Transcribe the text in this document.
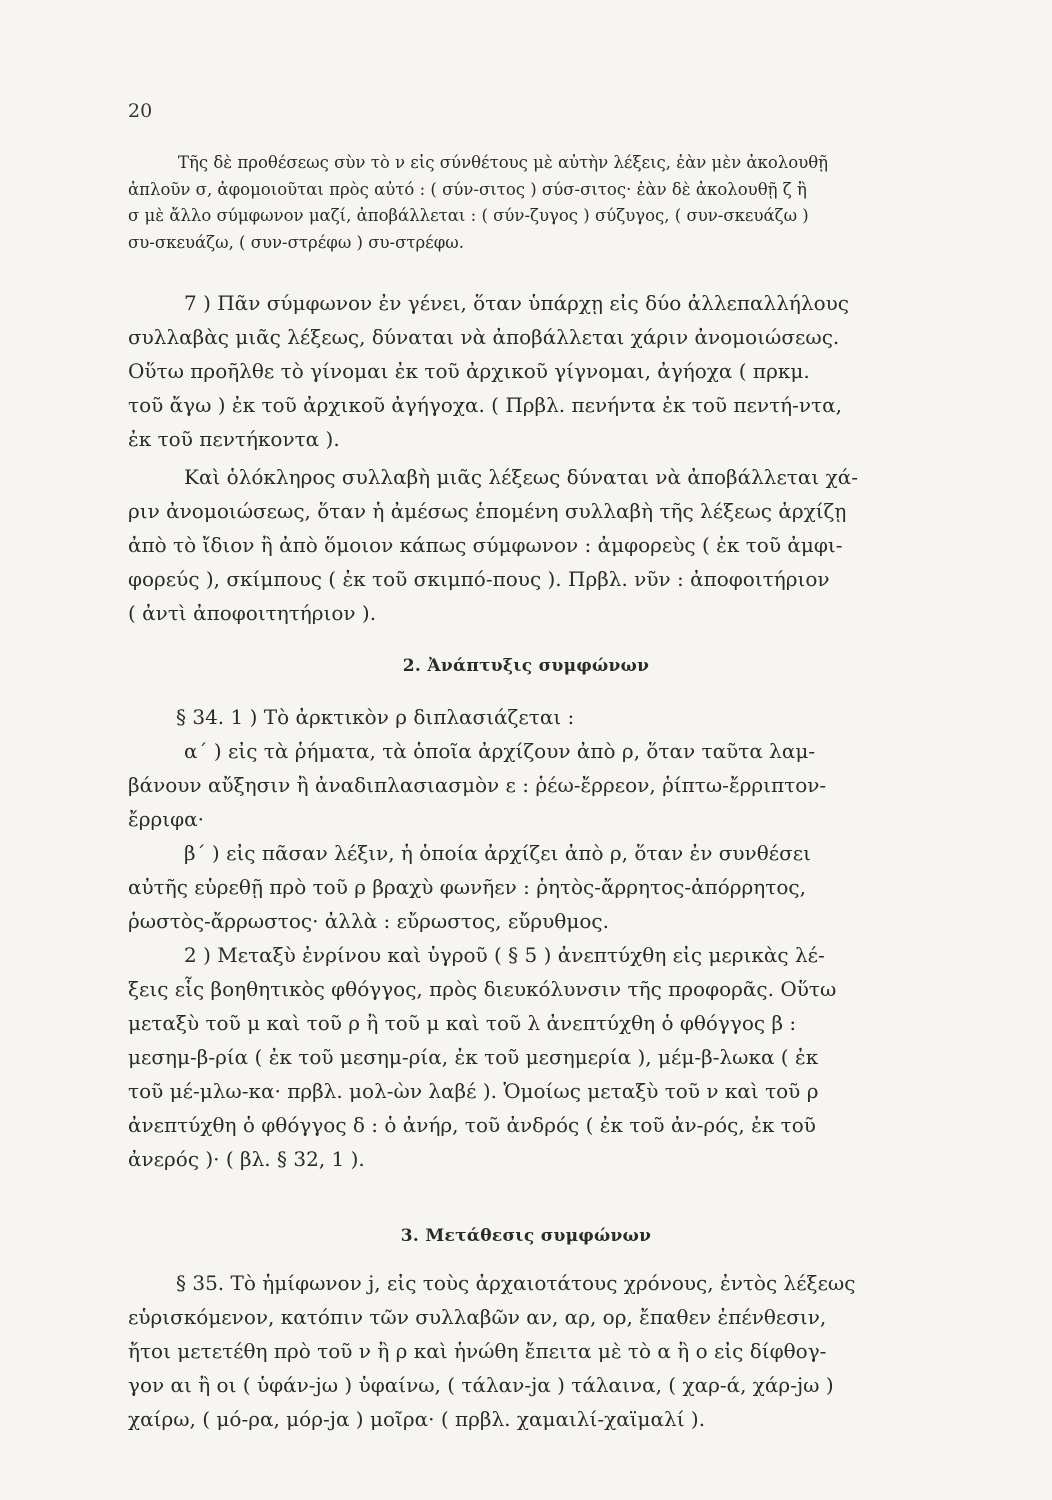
20
Τῆς δὲ προθέσεως σὺν τὸ ν εἰς σύνθέτους μὲ αὐτὴν λέξεις, ἐὰν μὲν ἀκολουθῇ
ἁπλοῦν σ, ἀφομοιοῦται πρὸς αὐτό : ( σύν-σιτος ) σύσ-σιτος· ἐὰν δὲ ἀκολουθῇ ζ ἢ
σ μὲ ἄλλο σύμφωνον μαζί, ἀποβάλλεται : ( σύν-ζυγος ) σύζυγος, ( συν-σκευάζω )
συ-σκευάζω, ( συν-στρέφω ) συ-στρέφω.
7 ) Πᾶν σύμφωνον ἐν γένει, ὅταν ὑπάρχῃ εἰς δύο ἀλλεπαλλήλους
συλλαβὰς μιᾶς λέξεως, δύναται νὰ ἀποβάλλεται χάριν ἀνομοιώσεως.
Οὕτω προῆλθε τὸ γίνομαι ἐκ τοῦ ἀρχικοῦ γίγνομαι, ἀγήοχα ( πρκμ.
τοῦ ἄγω ) ἐκ τοῦ ἀρχικοῦ ἀγήγοχα. ( Πρβλ. πενήντα ἐκ τοῦ πεντή-ντα,
ἐκ τοῦ πεντήκοντα ).
Καὶ ὁλόκληρος συλλαβὴ μιᾶς λέξεως δύναται νὰ ἀποβάλλεται χά-
ριν ἀνομοιώσεως, ὅταν ἡ ἀμέσως ἑπομένη συλλαβὴ τῆς λέξεως ἀρχίζῃ
ἀπὸ τὸ ἴδιον ἢ ἀπὸ ὅμοιον κάπως σύμφωνον : ἀμφορεὺς ( ἐκ τοῦ ἀμφι-
φορεύς ), σκίμπους ( ἐκ τοῦ σκιμπό-πους ). Πρβλ. νῦν : ἀποφοιτήριον
( ἀντὶ ἀποφοιτητήριον ).
2. Ἀνάπτυξις συμφώνων
§ 34. 1 ) Τὸ ἀρκτικὸν ρ διπλασιάζεται :
α΄ ) εἰς τὰ ῥήματα, τὰ ὁποῖα ἀρχίζουν ἀπὸ ρ, ὅταν ταῦτα λαμ-
βάνουν αὔξησιν ἢ ἀναδιπλασιασμὸν ε : ῥέω-ἔρρεον, ῥίπτω-ἔρριπτον-
ἔρριφα·
β΄ ) εἰς πᾶσαν λέξιν, ἡ ὁποία ἀρχίζει ἀπὸ ρ, ὅταν ἐν συνθέσει
αὐτῆς εὑρεθῇ πρὸ τοῦ ρ βραχὺ φωνῆεν : ῥητὸς-ἄρρητος-ἀπόρρητος,
ῥωστὸς-ἄρρωστος· ἀλλὰ : εὔρωστος, εὔρυθμος.
2 ) Μεταξὺ ἐνρίνου καὶ ὑγροῦ ( § 5 ) ἀνεπτύχθη εἰς μερικὰς λέ-
ξεις εἷς βοηθητικὸς φθόγγος, πρὸς διευκόλυνσιν τῆς προφορᾶς. Οὕτω
μεταξὺ τοῦ μ καὶ τοῦ ρ ἢ τοῦ μ καὶ τοῦ λ ἀνεπτύχθη ὁ φθόγγος β :
μεσημ-β-ρία ( ἐκ τοῦ μεσημ-ρία, ἐκ τοῦ μεσημερία ), μέμ-β-λωκα ( ἐκ
τοῦ μέ-μλω-κα· πρβλ. μολ-ὼν λαβέ ). Ὁμοίως μεταξὺ τοῦ ν καὶ τοῦ ρ
ἀνεπτύχθη ὁ φθόγγος δ : ὁ ἀνήρ, τοῦ ἀνδρός ( ἐκ τοῦ ἀν-ρός, ἐκ τοῦ
ἀνερός )· ( βλ. § 32, 1 ).
3. Μετάθεσις συμφώνων
§ 35. Τὸ ἡμίφωνον j, εἰς τοὺς ἀρχαιοτάτους χρόνους, ἐντὸς λέξεως
εὑρισκόμενον, κατόπιν τῶν συλλαβῶν αν, αρ, ορ, ἔπαθεν ἐπένθεσιν,
ἤτοι μετετέθη πρὸ τοῦ ν ἢ ρ καὶ ἡνώθη ἔπειτα μὲ τὸ α ἢ ο εἰς δίφθογ-
γον αι ἢ οι ( ὑφάν-jω ) ὑφαίνω, ( τάλαν-jα ) τάλαινα, ( χαρ-ά, χάρ-jω )
χαίρω, ( μό-ρα, μόρ-jα ) μοῖρα· ( πρβλ. χαμαιλί-χαϊμαλί ).
